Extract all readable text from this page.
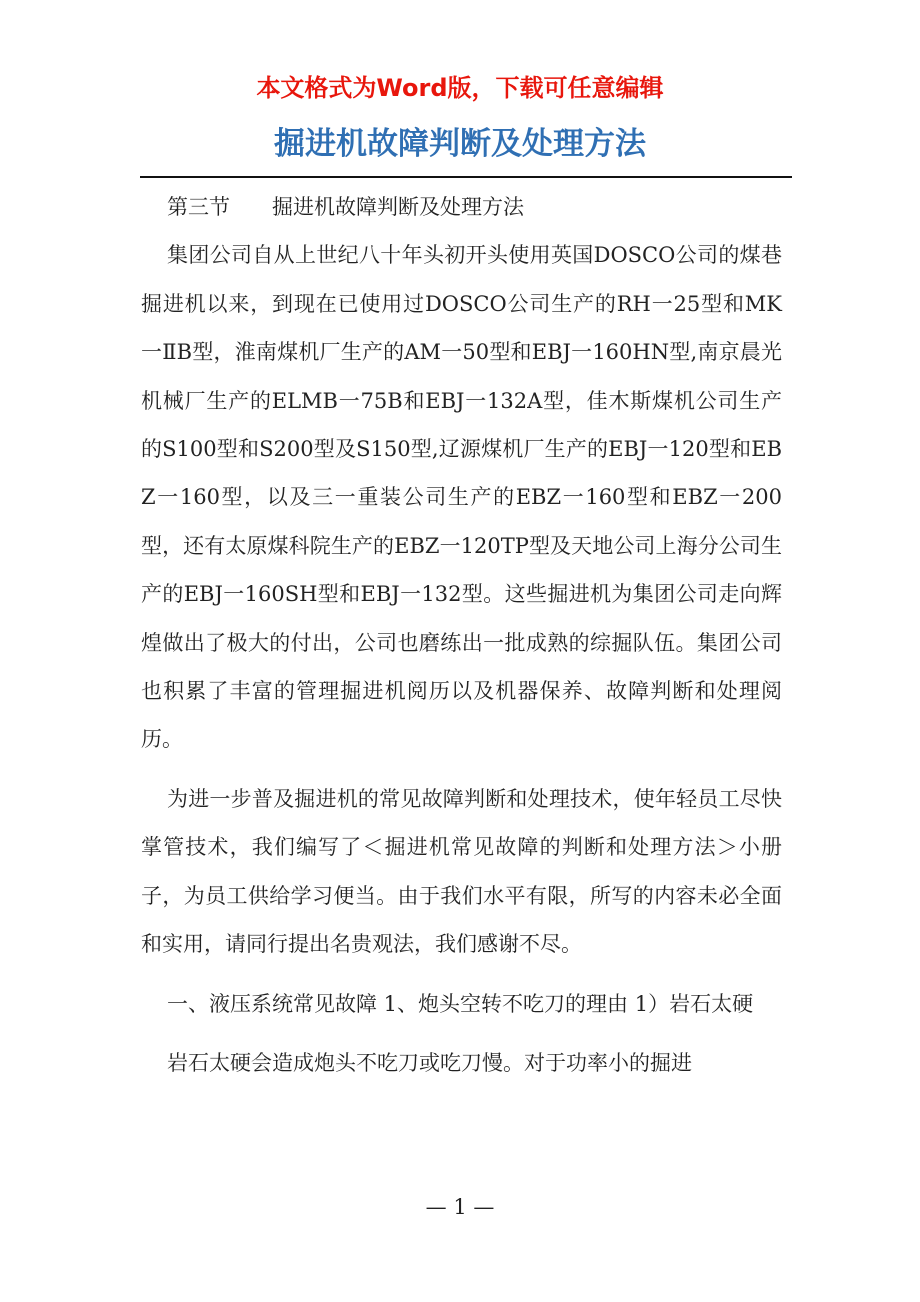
本文格式为Word版，下载可任意编辑
掘进机故障判断及处理方法

第三节　　掘进机故障判断及处理方法

集团公司自从上世纪八十年头初开头使用英国DOSCO公司的煤巷掘进机以来，到现在已使用过DOSCO公司生产的RH一25型和MK一ⅡB型，淮南煤机厂生产的AM一50型和EBJ一160HN型,南京晨光机械厂生产的ELMB一75B和EBJ一132A型，佳木斯煤机公司生产的S100型和S200型及S150型,辽源煤机厂生产的EBJ一120型和EBZ一160型，以及三一重装公司生产的EBZ一160型和EBZ一200型，还有太原煤科院生产的EBZ一120TP型及天地公司上海分公司生产的EBJ一160SH型和EBJ一132型。这些掘进机为集团公司走向辉煌做出了极大的付出，公司也磨练出一批成熟的综掘队伍。集团公司也积累了丰富的管理掘进机阅历以及机器保养、故障判断和处理阅历。

为进一步普及掘进机的常见故障判断和处理技术，使年轻员工尽快掌管技术，我们编写了＜掘进机常见故障的判断和处理方法＞小册子，为员工供给学习便当。由于我们水平有限，所写的内容未必全面和实用，请同行提出名贵观法，我们感谢不尽。

一、液压系统常见故障 1、炮头空转不吃刀的理由 1）岩石太硬

岩石太硬会造成炮头不吃刀或吃刀慢。对于功率小的掘进

— 1 —
